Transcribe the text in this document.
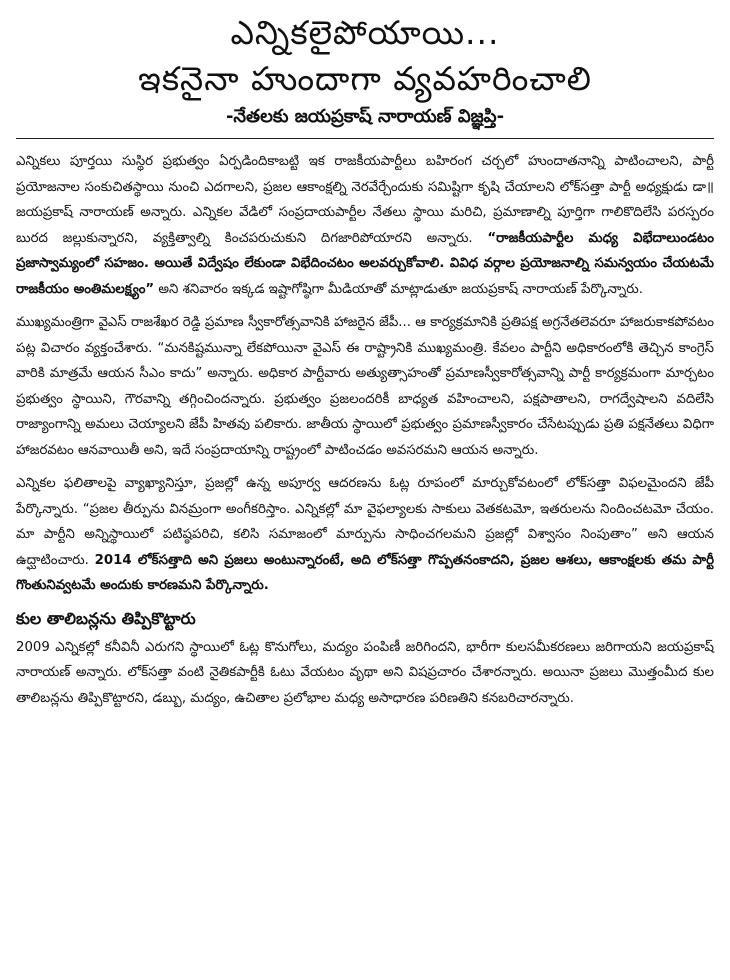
ఎన్నికలైపోయాయి...
ఇకనైనా హుందాగా వ్యవహరించాలి
-నేతలకు జయప్రకాష్ నారాయణ్ విజ్ఞప్తి-

ఎన్నికలు పూర్తయి సుస్థిర ప్రభుత్వం ఏర్పడిందికాబట్టి ఇక రాజకీయపార్టీలు బహిరంగ చర్చలో హుందాతనాన్ని పాటించాలని, పార్టీ ప్రయోజనాల సంకుచితస్థాయి నుంచి ఎదగాలని, ప్రజల ఆకాంక్షల్ని నెరవేర్చేందుకు సమిష్టిగా కృషి చేయాలని లోక్‌సత్తా పార్టీ అధ్యక్షుడు డా॥ జయప్రకాష్ నారాయణ్ అన్నారు. ఎన్నికల వేడిలో సంప్రదాయపార్టీల నేతలు స్థాయి మరిచి, ప్రమాణాల్ని పూర్తిగా గాలికొదిలేసి పరస్పరం బురద జల్లుకున్నారని, వ్యక్తిత్వాల్ని కించపరుచుకుని దిగజారిపోయారని అన్నారు. “రాజకీయపార్టీల మధ్య విభేదాలుండటం ప్రజాస్వామ్యంలో సహజం. అయితే విద్వేషం లేకుండా విభేదించటం అలవర్చుకోవాలి. వివిధ వర్గాల ప్రయోజనాల్ని సమన్వయం చేయటమే రాజకీయం అంతిమలక్ష్యం” అని శనివారం ఇక్కడ ఇష్టాగోష్ఠిగా మీడియాతో మాట్లాడుతూ జయప్రకాష్ నారాయణ్ పేర్కొన్నారు.

ముఖ్యమంత్రిగా వైఎస్ రాజశేఖర రెడ్డి ప్రమాణ స్వీకారోత్సవానికి హాజరైన జేపీ... ఆ కార్యక్రమానికి ప్రతిపక్ష అగ్రనేతలెవరూ హాజరుకాకపోవటం పట్ల విచారం వ్యక్తంచేశారు. “మనకిష్టమున్నా లేకపోయినా వైఎస్ ఈ రాష్ట్రానికి ముఖ్యమంత్రి. కేవలం పార్టీని అధికారంలోకి తెచ్చిన కాంగ్రెస్ వారికి మాత్రమే ఆయన సీఎం కాదు” అన్నారు. అధికార పార్టీవారు అత్యుత్సాహంతో ప్రమాణస్వీకారోత్సవాన్ని పార్టీ కార్యక్రమంగా మార్చటం ప్రభుత్వం స్థాయిని, గౌరవాన్ని తగ్గించిందన్నారు. ప్రభుత్వం ప్రజలందరికీ బాధ్యత వహించాలని, పక్షపాతాలని, రాగద్వేషాలని వదిలేసి రాజ్యాంగాన్ని అమలు చెయ్యాలని జేపీ హితవు పలికారు. జాతీయ స్థాయిలో ప్రభుత్వం ప్రమాణస్వీకారం చేసేటప్పుడు ప్రతి పక్షనేతలు విధిగా హాజరవటం ఆనవాయితీ అని, ఇదే సంప్రదాయాన్ని రాష్ట్రంలో పాటించడం అవసరమని ఆయన అన్నారు.

ఎన్నికల ఫలితాలపై వ్యాఖ్యానిస్తూ, ప్రజల్లో ఉన్న అపూర్వ ఆదరణను ఓట్ల రూపంలో మార్చుకోవటంలో లోక్‌సత్తా విఫలమైందని జేపీ పేర్కొన్నారు. “ప్రజల తీర్పును వినమ్రంగా అంగీకరిస్తాం. ఎన్నికల్లో మా వైఫల్యాలకు సాకులు వెతకటమో, ఇతరులను నిందించటమో చేయం. మా పార్టీని అన్నిస్థాయిలో పటిష్ఠపరిచి, కలిసి సమాజంలో మార్పును సాధించగలమని ప్రజల్లో విశ్వాసం నింపుతాం” అని ఆయన ఉద్ఘాటించారు. 2014 లోక్‌సత్తాది అని ప్రజలు అంటున్నారంటే, అది లోక్‌సత్తా గొప్పతనంకాదని, ప్రజల ఆశలు, ఆకాంక్షలకు తమ పార్టీ గొంతునివ్వటమే అందుకు కారణమని పేర్కొన్నారు.

కుల తాలిబన్లను తిప్పికొట్టారు

2009 ఎన్నికల్లో కనీవినీ ఎరుగని స్థాయిలో ఓట్ల కొనుగోలు, మద్యం పంపిణీ జరిగిందని, భారీగా కులసమీకరణలు జరిగాయని జయప్రకాష్ నారాయణ్ అన్నారు. లోక్‌సత్తా వంటి నైతికపార్టీకి ఓటు వేయటం వృథా అని విషప్రచారం చేశారన్నారు. అయినా ప్రజలు మొత్తంమీద కుల తాలిబన్లను తిప్పికొట్టారని, డబ్బు, మద్యం, ఉచితాల ప్రలోభాల మధ్య అసాధారణ పరిణతిని కనబరిచారన్నారు.
